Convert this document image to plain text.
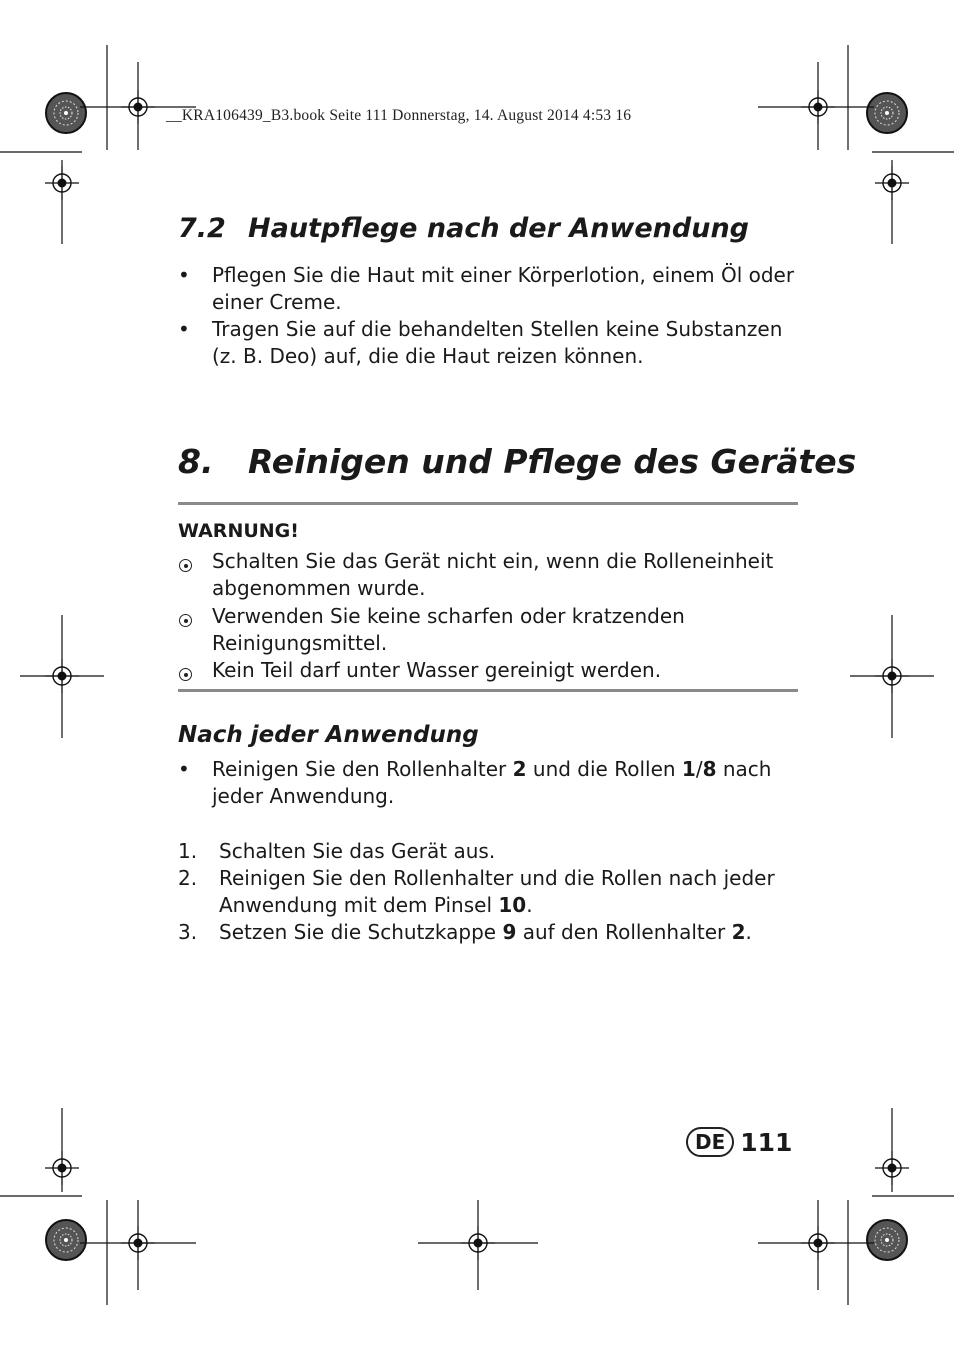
__KRA106439_B3.book Seite 111 Donnerstag, 14. August 2014 4:53 16
7.2 Hautpflege nach der Anwendung
•	Pflegen Sie die Haut mit einer Körperlotion, einem Öl oder einer Creme.
•	Tragen Sie auf die behandelten Stellen keine Substanzen (z. B. Deo) auf, die die Haut reizen können.
8. Reinigen und Pflege des Gerätes
WARNUNG!
Schalten Sie das Gerät nicht ein, wenn die Rolleneinheit abgenommen wurde.
Verwenden Sie keine scharfen oder kratzenden Reinigungsmittel.
Kein Teil darf unter Wasser gereinigt werden.
Nach jeder Anwendung
•	Reinigen Sie den Rollenhalter 2 und die Rollen 1/8 nach jeder Anwendung.
1.	Schalten Sie das Gerät aus.
2.	Reinigen Sie den Rollenhalter und die Rollen nach jeder Anwendung mit dem Pinsel 10.
3.	Setzen Sie die Schutzkappe 9 auf den Rollenhalter 2.
DE 111
